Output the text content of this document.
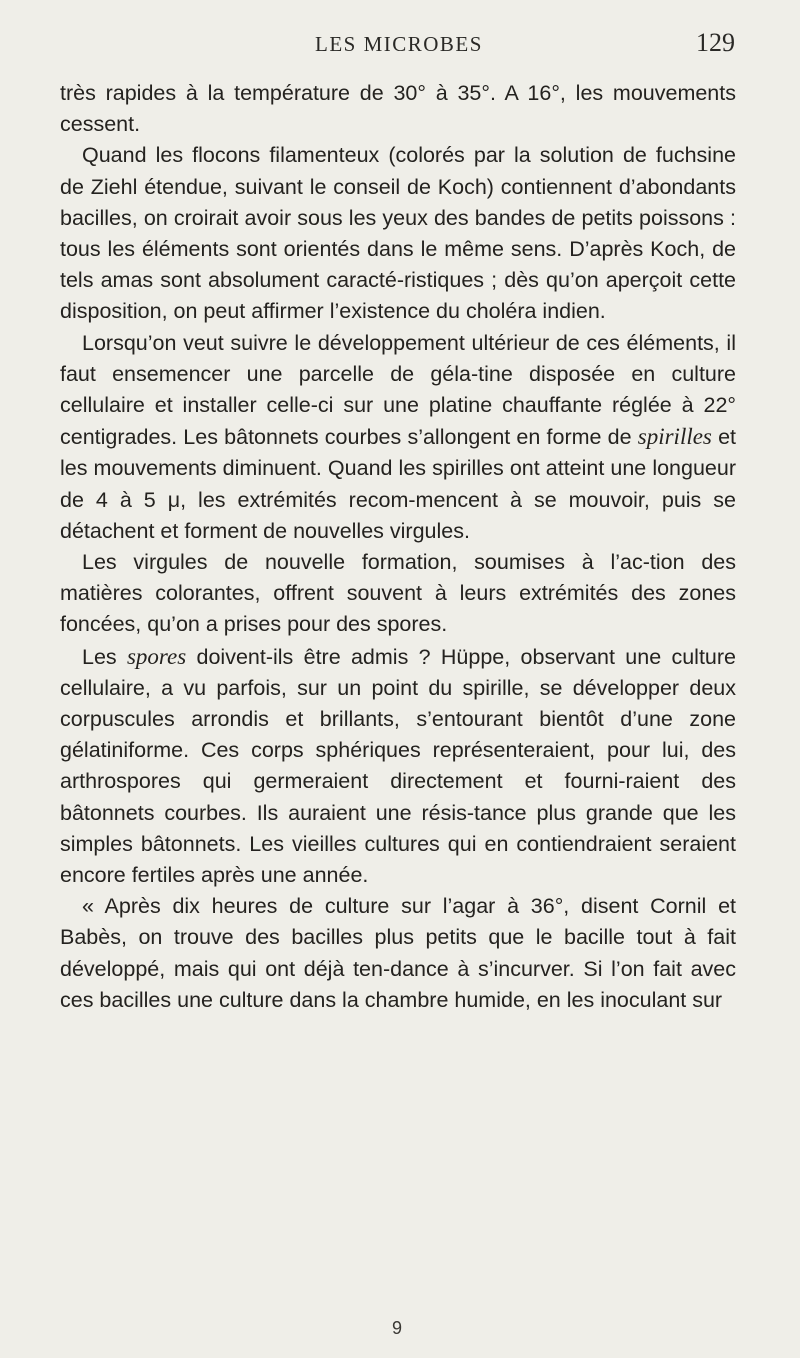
LES MICROBES	129

très rapides à la température de 30° à 35°. A 16°, les mouvements cessent.

Quand les flocons filamenteux (colorés par la solution de fuchsine de Ziehl étendue, suivant le conseil de Koch) contiennent d’abondants bacilles, on croirait avoir sous les yeux des bandes de petits poissons : tous les éléments sont orientés dans le même sens. D’après Koch, de tels amas sont absolument caracté-ristiques ; dès qu’on aperçoit cette disposition, on peut affirmer l’existence du choléra indien.

Lorsqu’on veut suivre le développement ultérieur de ces éléments, il faut ensemencer une parcelle de géla-tine disposée en culture cellulaire et installer celle-ci sur une platine chauffante réglée à 22° centigrades. Les bâtonnets courbes s’allongent en forme de spirilles et les mouvements diminuent. Quand les spirilles ont atteint une longueur de 4 à 5 μ, les extrémités recom-mencent à se mouvoir, puis se détachent et forment de nouvelles virgules.

Les virgules de nouvelle formation, soumises à l’ac-tion des matières colorantes, offrent souvent à leurs extrémités des zones foncées, qu’on a prises pour des spores.

Les spores doivent-ils être admis ? Hüppe, observant une culture cellulaire, a vu parfois, sur un point du spirille, se développer deux corpuscules arrondis et brillants, s’entourant bientôt d’une zone gélatiniforme. Ces corps sphériques représenteraient, pour lui, des arthrospores qui germeraient directement et fourni-raient des bâtonnets courbes. Ils auraient une résis-tance plus grande que les simples bâtonnets. Les vieilles cultures qui en contiendraient seraient encore fertiles après une année.

« Après dix heures de culture sur l’agar à 36°, disent Cornil et Babès, on trouve des bacilles plus petits que le bacille tout à fait développé, mais qui ont déjà ten-dance à s’incurver. Si l’on fait avec ces bacilles une culture dans la chambre humide, en les inoculant sur

9
